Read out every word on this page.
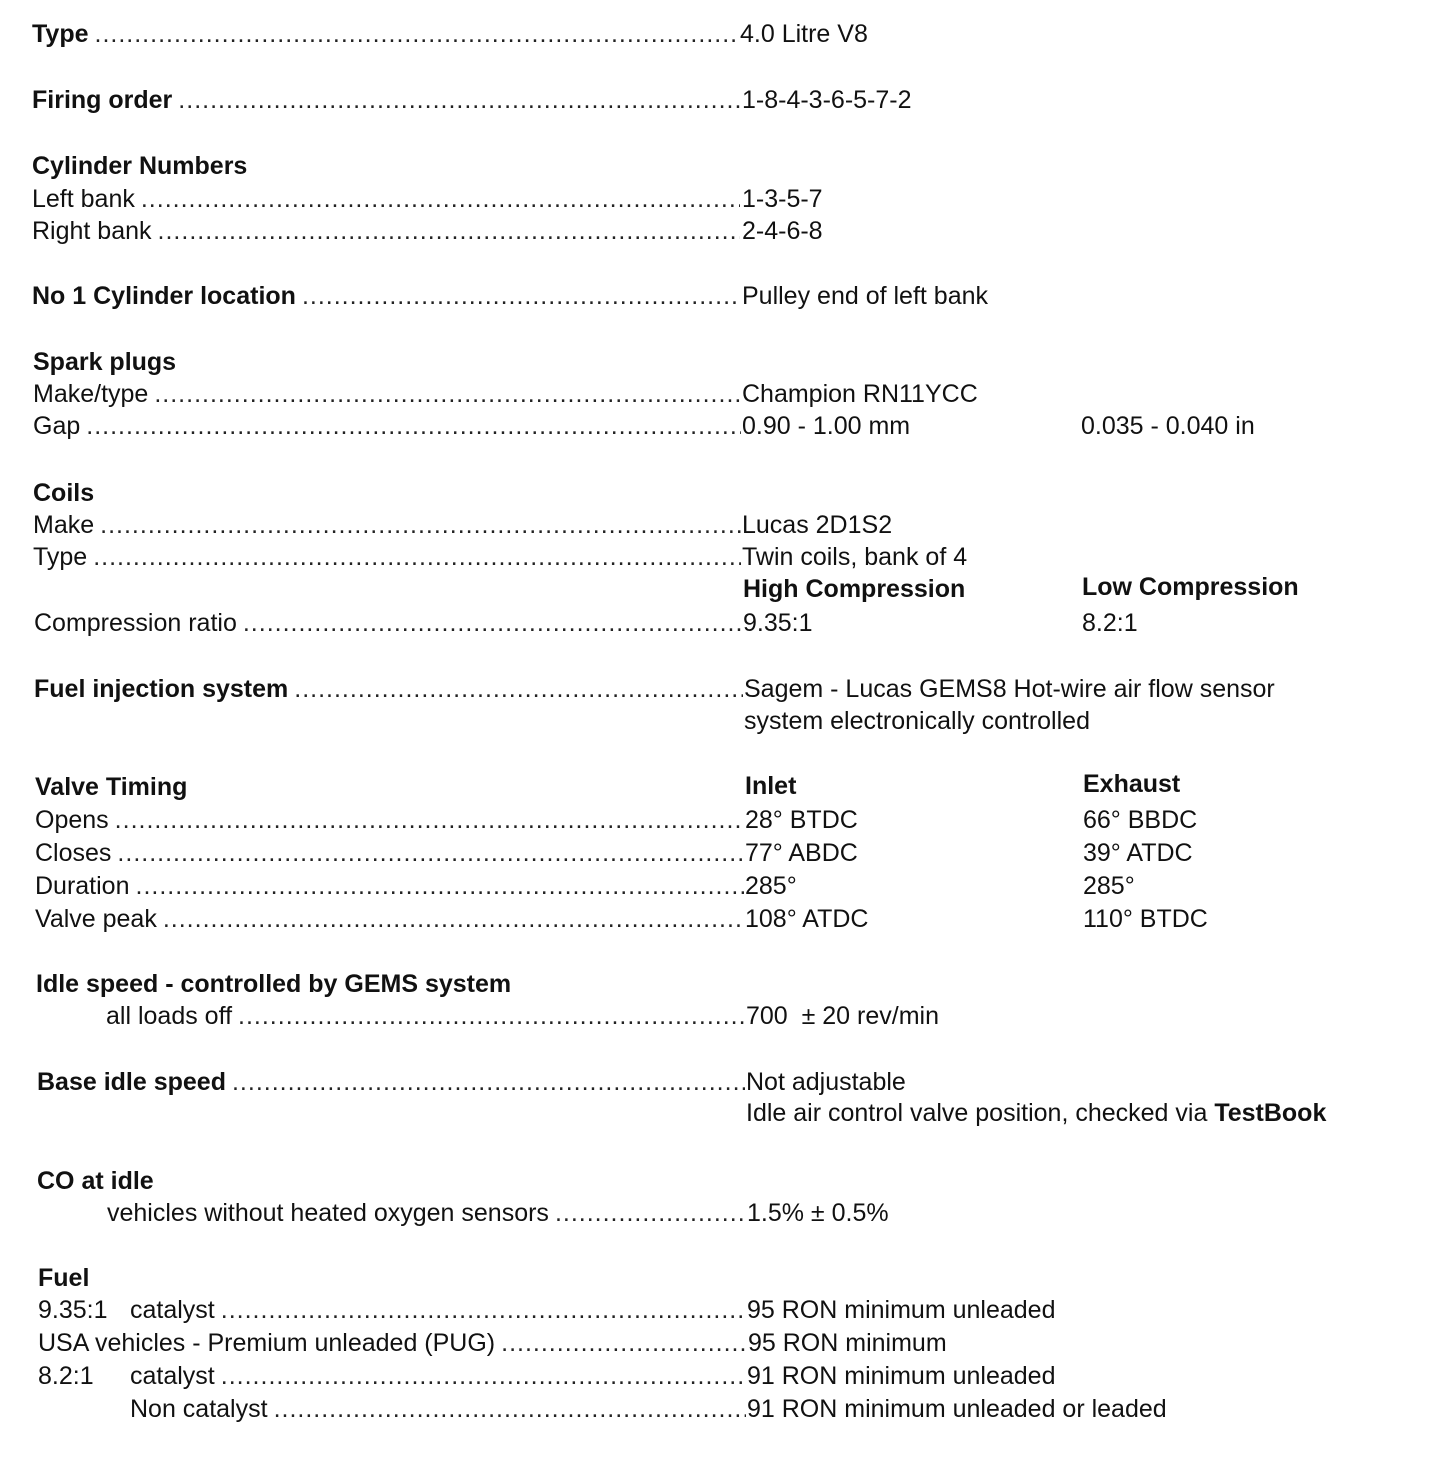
Type .....	4.0 Litre V8
Firing order .....	1-8-4-3-6-5-7-2
Cylinder Numbers
Left bank .....	1-3-5-7
Right bank .....	2-4-6-8
No 1 Cylinder location .....	Pulley end of left bank
Spark plugs
Make/type .....	Champion RN11YCC
Gap .....	0.90 - 1.00 mm	0.035 - 0.040 in
Coils
Make .....	Lucas 2D1S2
Type .....	Twin coils, bank of 4
High Compression	Low Compression
Compression ratio .....	9.35:1	8.2:1
Fuel injection system .....	Sagem - Lucas GEMS8 Hot-wire air flow sensor
system electronically controlled
Valve Timing	Inlet	Exhaust
Opens .....	28° BTDC	66° BBDC
Closes .....	77° ABDC	39° ATDC
Duration .....	285°	285°
Valve peak .....	108° ATDC	110° BTDC
Idle speed - controlled by GEMS system
all loads off .....	700  ± 20 rev/min
Base idle speed .....	Not adjustable
Idle air control valve position, checked via TestBook
CO at idle
vehicles without heated oxygen sensors .....	1.5% ± 0.5%
Fuel
9.35:1 catalyst .....	95 RON minimum unleaded
USA vehicles - Premium unleaded (PUG) .....	95 RON minimum
8.2:1 catalyst .....	91 RON minimum unleaded
Non catalyst .....	91 RON minimum unleaded or leaded
